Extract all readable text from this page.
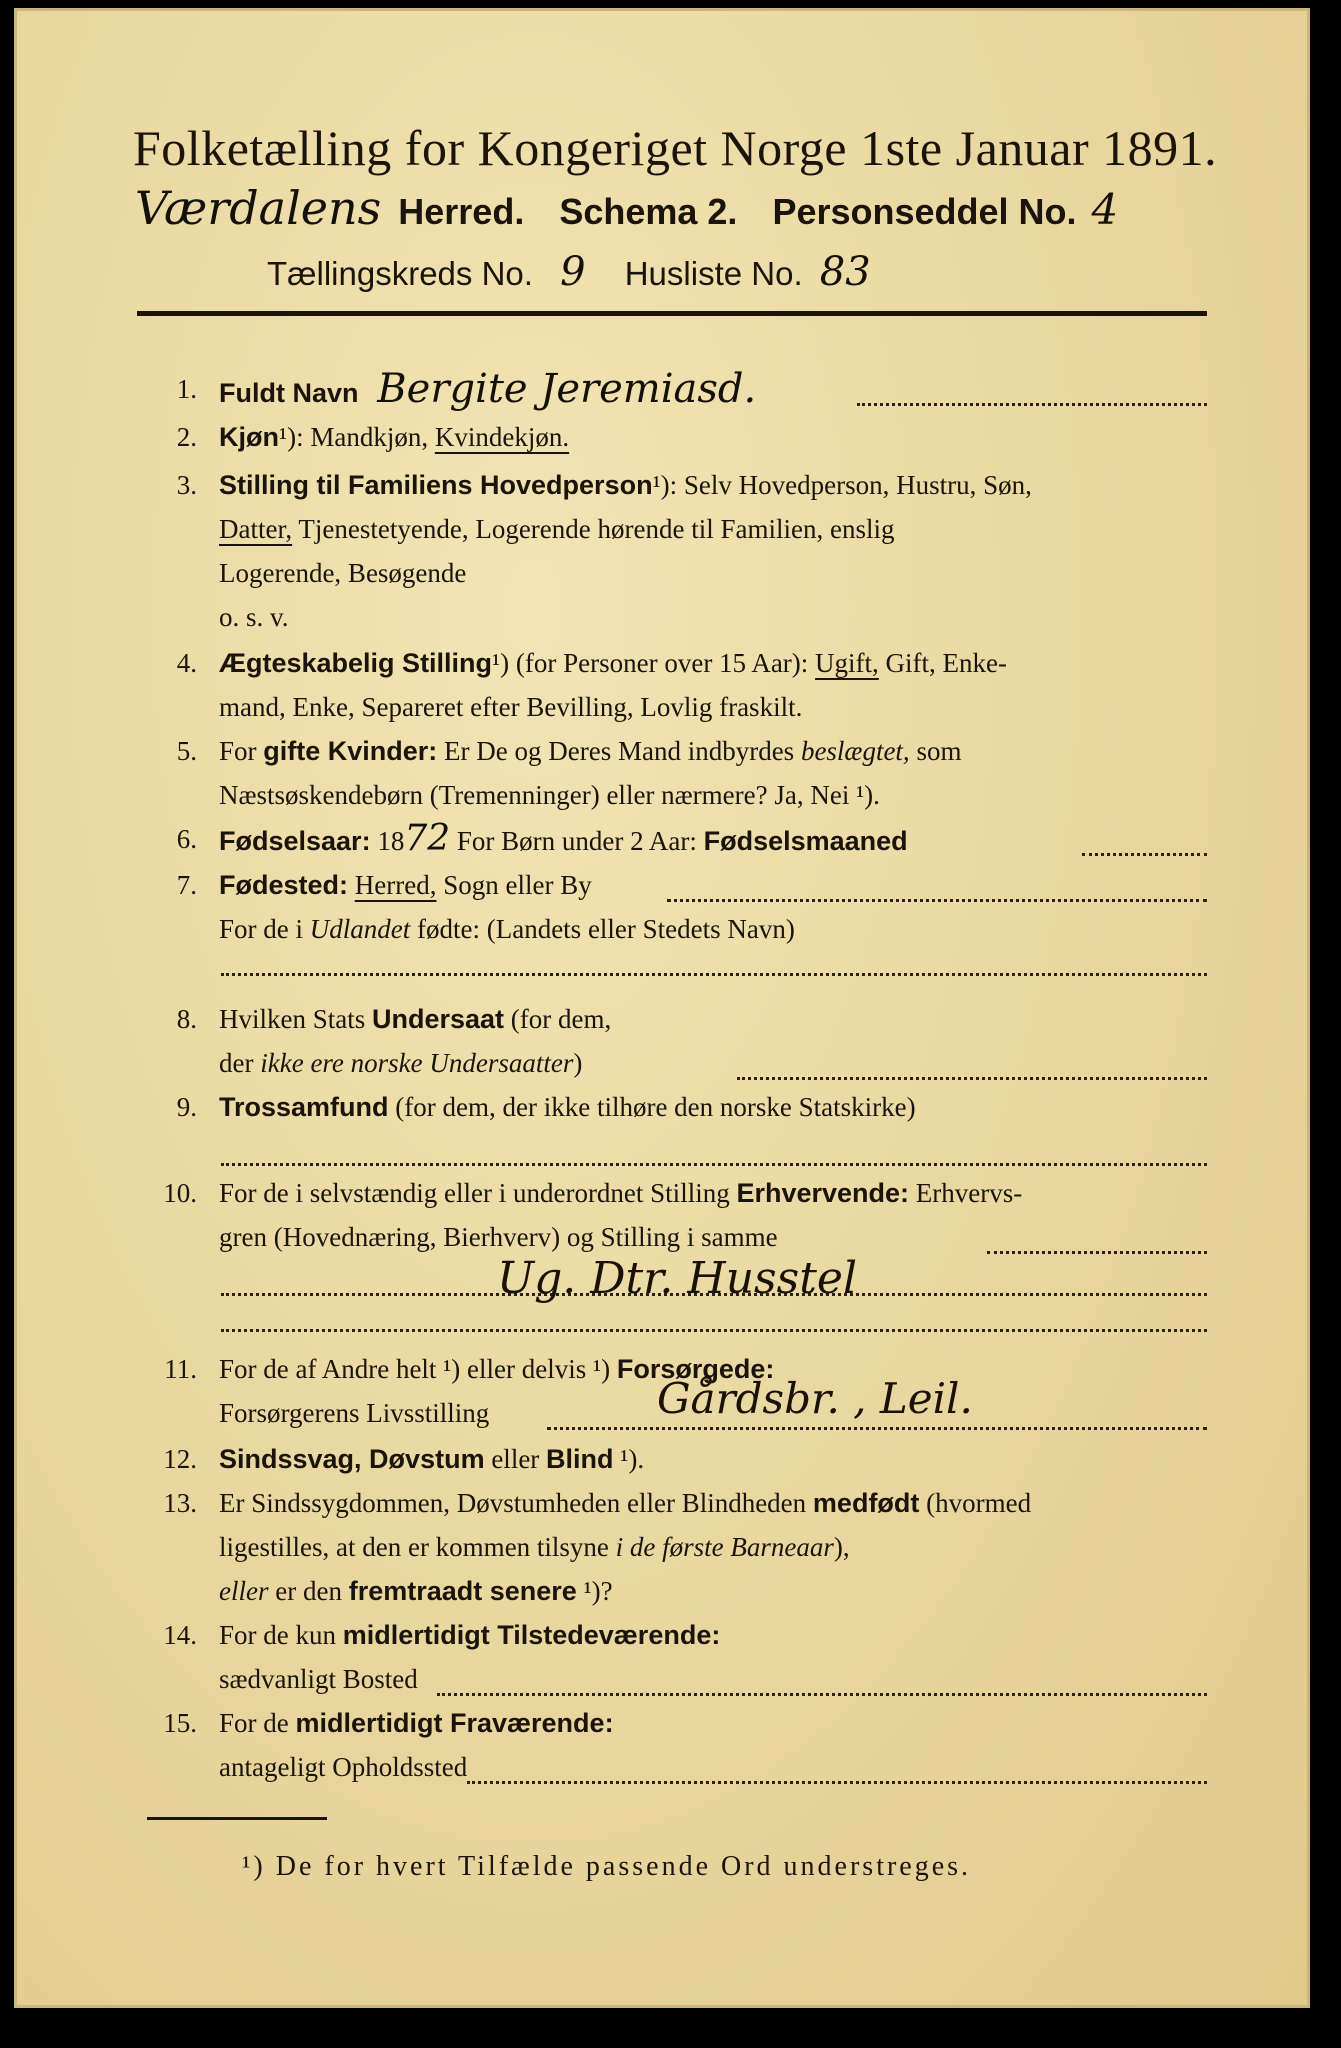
Folketælling for Kongeriget Norge 1ste Januar 1891.
Værdalens Herred. Schema 2. Personseddel No. 4
Tællingskreds No. 9 Husliste No. 83
1. Fuldt Navn Bergite Jeremiasd.
2. Kjøn¹): Mandkjøn, Kvindekjøn.
3. Stilling til Familiens Hovedperson¹): Selv Hovedperson, Hustru, Søn,
Datter, Tjenestetyende, Logerende hørende til Familien, enslig
Logerende, Besøgende
o. s. v.
4. Ægteskabelig Stilling¹) (for Personer over 15 Aar): Ugift, Gift, Enke-
mand, Enke, Separeret efter Bevilling, Lovlig fraskilt.
5. For gifte Kvinder: Er De og Deres Mand indbyrdes beslægtet, som
Næstsøskendebørn (Tremenninger) eller nærmere? Ja, Nei ¹).
6. Fødselsaar: 1872 For Børn under 2 Aar: Fødselsmaaned
7. Fødested: Herred, Sogn eller By
For de i Udlandet fødte: (Landets eller Stedets Navn)
8. Hvilken Stats Undersaat (for dem,
der ikke ere norske Undersaatter)
9. Trossamfund (for dem, der ikke tilhøre den norske Statskirke)
10. For de i selvstændig eller i underordnet Stilling Erhvervende: Erhvervs-
gren (Hovednæring, Bierhverv) og Stilling i samme
Ug. Dtr. Husstel
11. For de af Andre helt ¹) eller delvis ¹) Forsørgede:
Forsørgerens Livsstilling	Gårdsbr. , Leil.
12. Sindssvag, Døvstum eller Blind ¹).
13. Er Sindssygdommen, Døvstumheden eller Blindheden medfødt (hvormed
ligestilles, at den er kommen tilsyne i de første Barneaar),
eller er den fremtraadt senere ¹)?
14. For de kun midlertidigt Tilstedeværende:
sædvanligt Bosted
15. For de midlertidigt Fraværende:
antageligt Opholdssted
¹) De for hvert Tilfælde passende Ord understreges.
